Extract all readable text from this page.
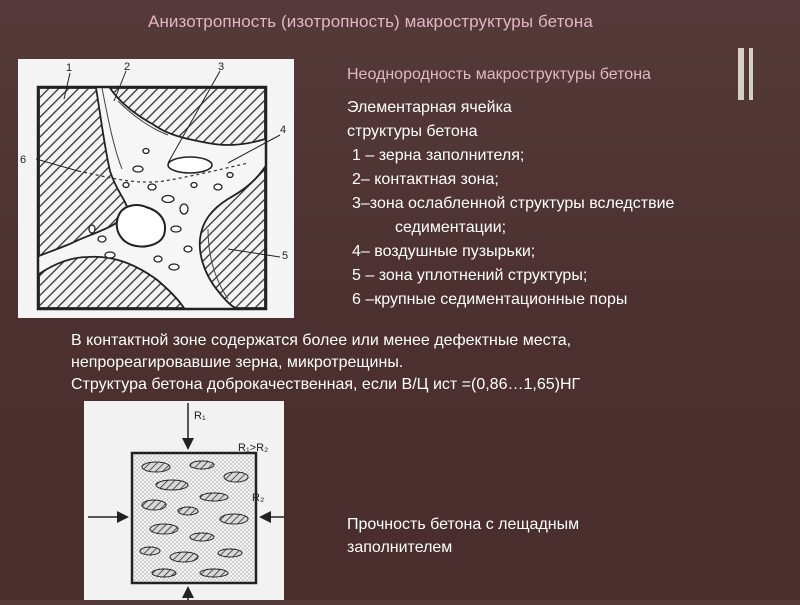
Анизотропность (изотропность) макроструктуры бетона
Неоднородность макроструктуры бетона
Элементарная ячейка
структуры бетона
1 – зерна заполнителя;
2– контактная зона;
3–зона ослабленной структуры вследствие
седиментации;
4– воздушные пузырьки;
5 – зона уплотнений структуры;
6 –крупные седиментационные поры
1	2	3
4
5
6
В контактной зоне содержатся более или менее дефектные места,
непрореагировавшие зерна, микротрещины.
Структура бетона доброкачественная, если В/Ц ист =(0,86…1,65)НГ
R₁
R₁>R₂
R₂
Прочность бетона с лещадным
заполнителем
